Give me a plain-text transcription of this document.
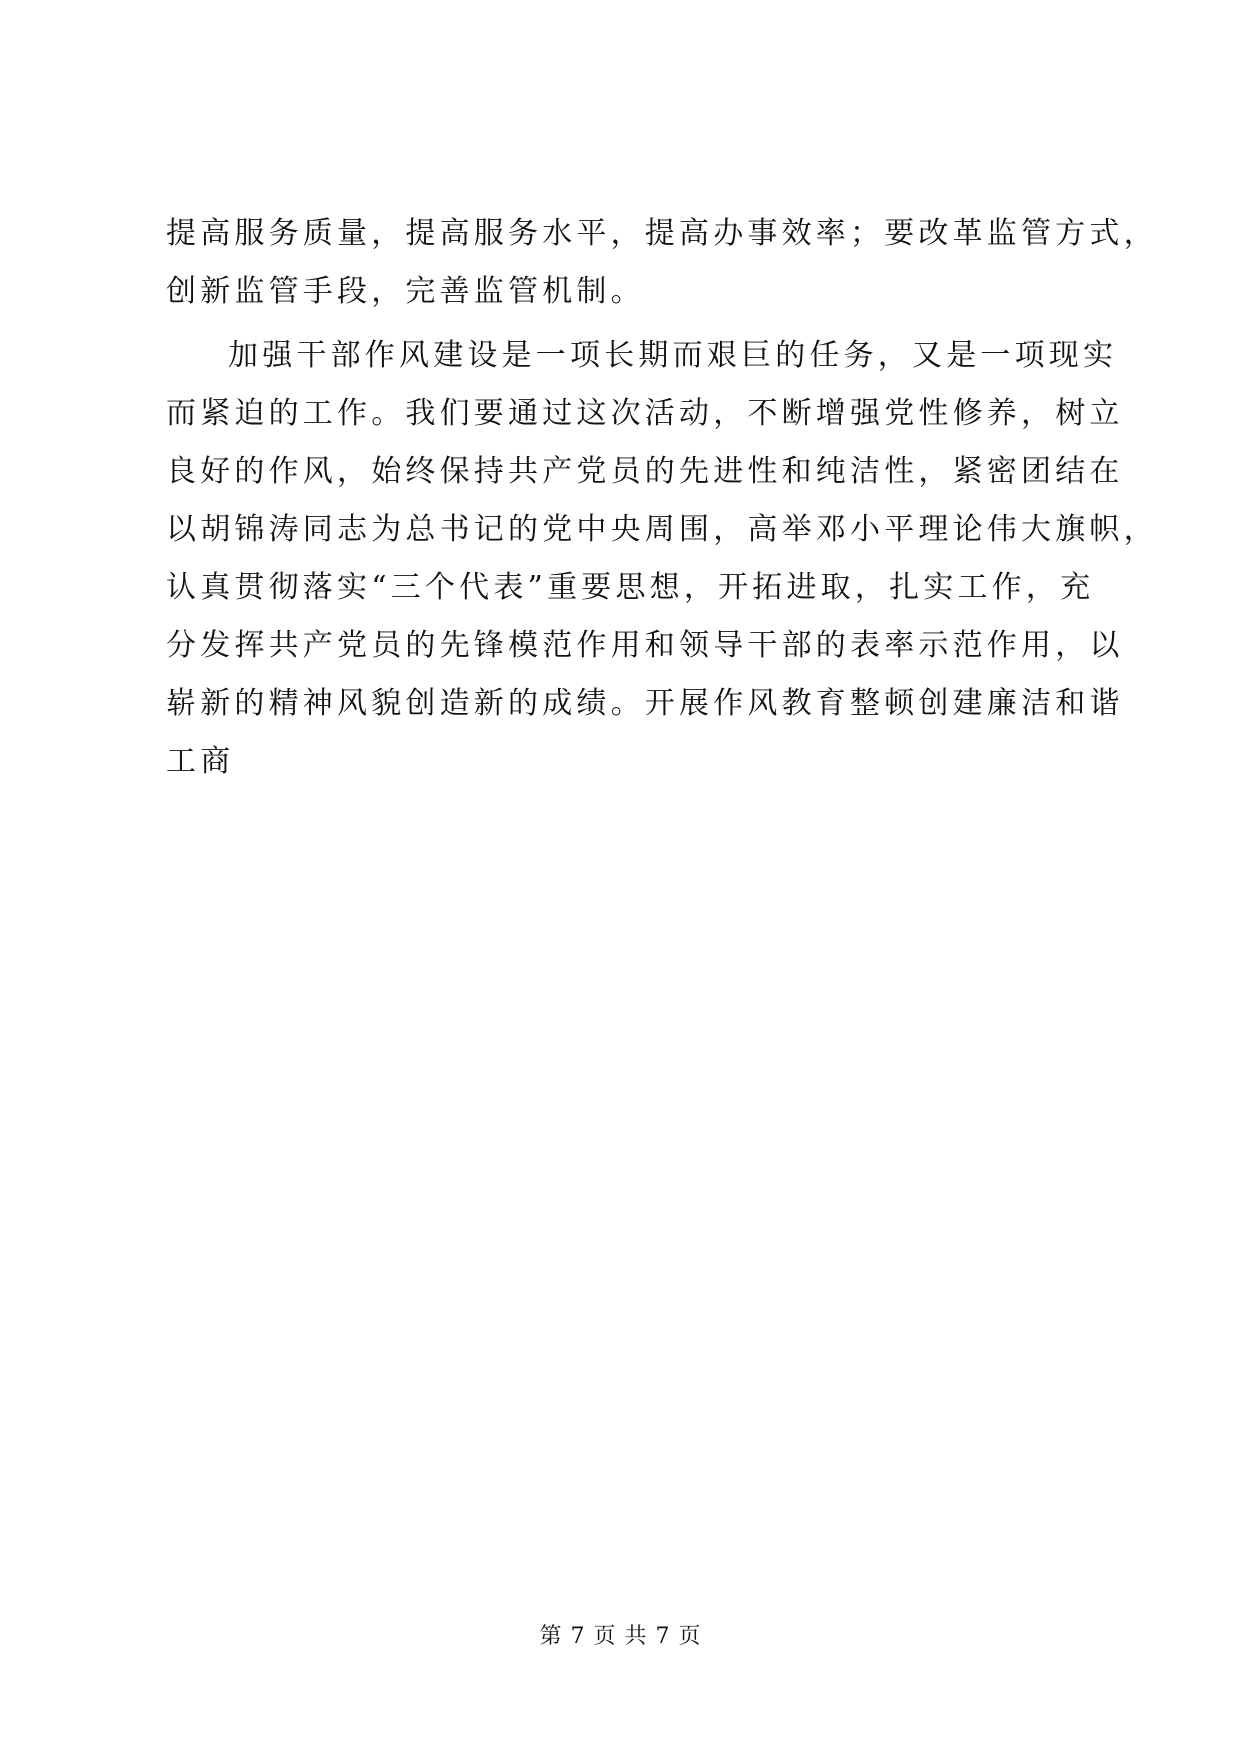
提高服务质量，提高服务水平，提高办事效率；要改革监管方式，
创新监管手段，完善监管机制。
加强干部作风建设是一项长期而艰巨的任务，又是一项现实
而紧迫的工作。我们要通过这次活动，不断增强党性修养，树立
良好的作风，始终保持共产党员的先进性和纯洁性，紧密团结在
以胡锦涛同志为总书记的党中央周围，高举邓小平理论伟大旗帜，
认真贯彻落实“三个代表”重要思想，开拓进取，扎实工作，充
分发挥共产党员的先锋模范作用和领导干部的表率示范作用，以
崭新的精神风貌创造新的成绩。开展作风教育整顿创建廉洁和谐
工商
第 7 页 共 7 页
